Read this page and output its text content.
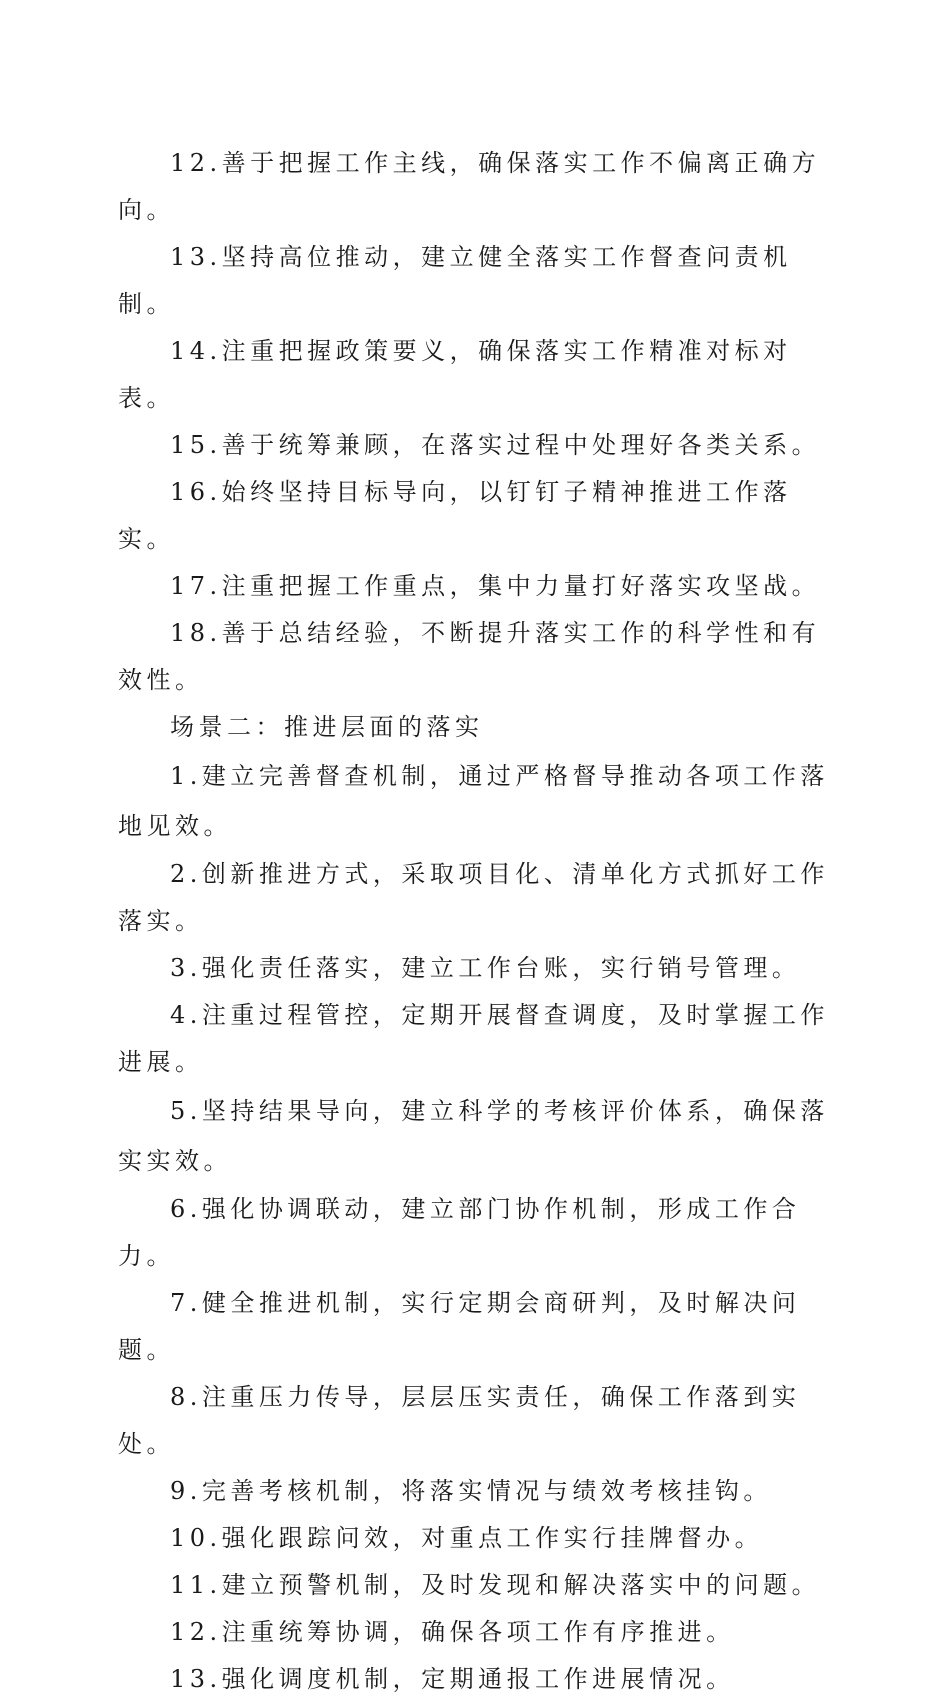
12.善于把握工作主线，确保落实工作不偏离正确方向。

13.坚持高位推动，建立健全落实工作督查问责机制。

14.注重把握政策要义，确保落实工作精准对标对表。

15.善于统筹兼顾，在落实过程中处理好各类关系。

16.始终坚持目标导向，以钉钉子精神推进工作落实。

17.注重把握工作重点，集中力量打好落实攻坚战。

18.善于总结经验，不断提升落实工作的科学性和有效性。

场景二：推进层面的落实

1.建立完善督查机制，通过严格督导推动各项工作落地见效。

2.创新推进方式，采取项目化、清单化方式抓好工作落实。

3.强化责任落实，建立工作台账，实行销号管理。

4.注重过程管控，定期开展督查调度，及时掌握工作进展。

5.坚持结果导向，建立科学的考核评价体系，确保落实实效。

6.强化协调联动，建立部门协作机制，形成工作合力。

7.健全推进机制，实行定期会商研判，及时解决问题。

8.注重压力传导，层层压实责任，确保工作落到实处。

9.完善考核机制，将落实情况与绩效考核挂钩。

10.强化跟踪问效，对重点工作实行挂牌督办。

11.建立预警机制，及时发现和解决落实中的问题。

12.注重统筹协调，确保各项工作有序推进。

13.强化调度机制，定期通报工作进展情况。
